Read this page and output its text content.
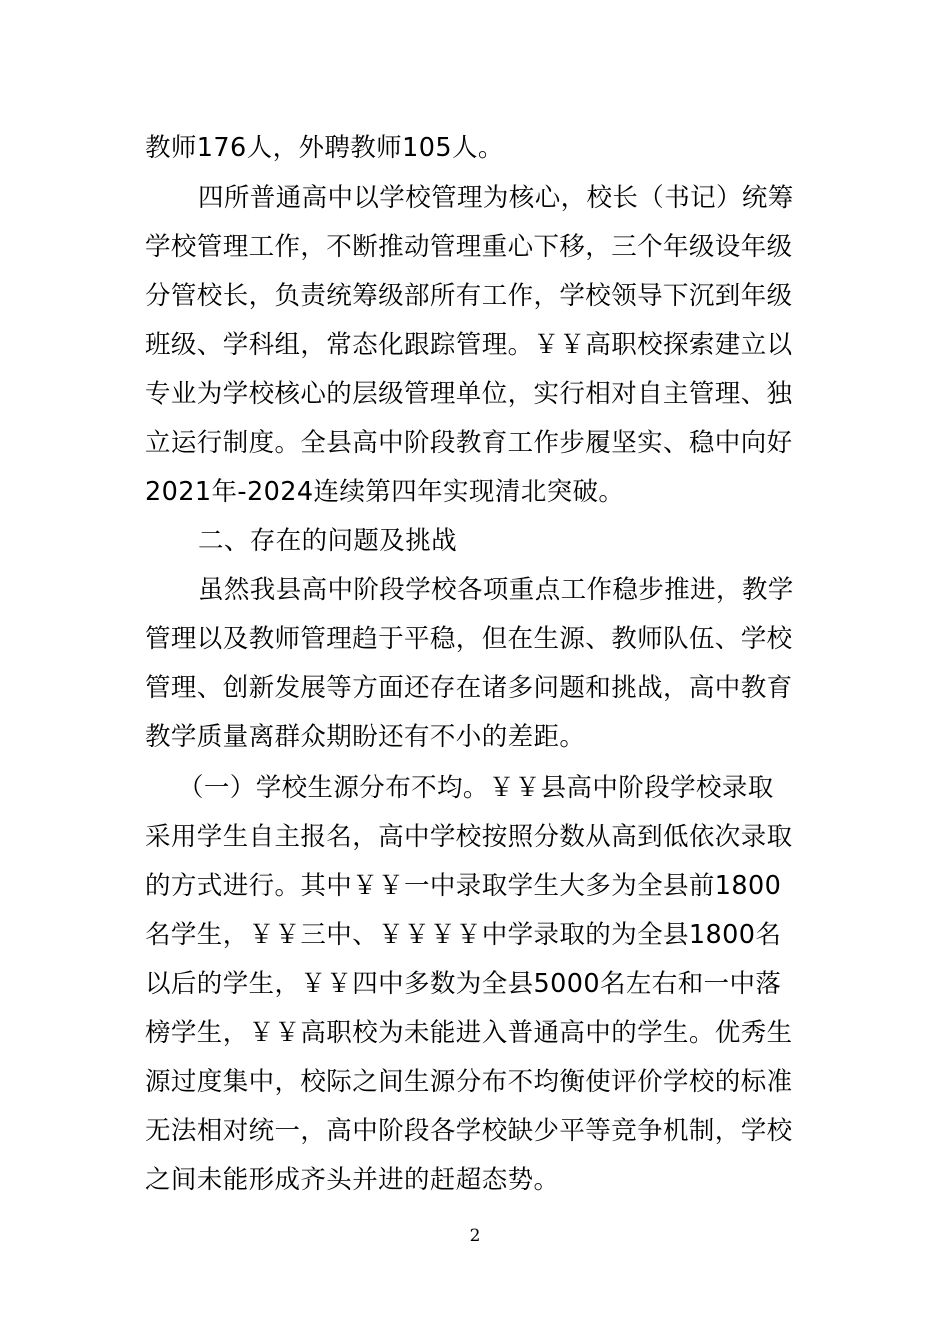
教师176人，外聘教师105人。
四所普通高中以学校管理为核心，校长（书记）统筹
学校管理工作，不断推动管理重心下移，三个年级设年级
分管校长，负责统筹级部所有工作，学校领导下沉到年级
班级、学科组，常态化跟踪管理。￥￥高职校探索建立以
专业为学校核心的层级管理单位，实行相对自主管理、独
立运行制度。全县高中阶段教育工作步履坚实、稳中向好
2021年-2024连续第四年实现清北突破。
二、存在的问题及挑战
虽然我县高中阶段学校各项重点工作稳步推进，教学
管理以及教师管理趋于平稳，但在生源、教师队伍、学校
管理、创新发展等方面还存在诸多问题和挑战，高中教育
教学质量离群众期盼还有不小的差距。
（一）学校生源分布不均。￥￥县高中阶段学校录取
采用学生自主报名，高中学校按照分数从高到低依次录取
的方式进行。其中￥￥一中录取学生大多为全县前1800
名学生，￥￥三中、￥￥￥￥中学录取的为全县1800名
以后的学生，￥￥四中多数为全县5000名左右和一中落
榜学生，￥￥高职校为未能进入普通高中的学生。优秀生
源过度集中，校际之间生源分布不均衡使评价学校的标准
无法相对统一，高中阶段各学校缺少平等竞争机制，学校
之间未能形成齐头并进的赶超态势。
2
